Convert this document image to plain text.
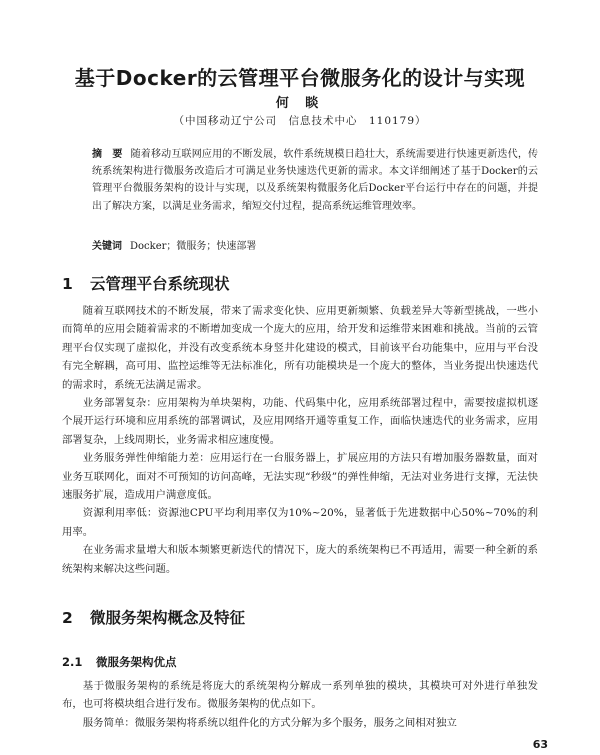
基于Docker的云管理平台微服务化的设计与实现
何 睒
（中国移动辽宁公司　信息技术中心　110179）
摘　要 随着移动互联网应用的不断发展，软件系统规模日趋壮大，系统需要进行快速更新迭代，传统系统架构进行微服务改造后才可满足业务快速迭代更新的需求。本文详细阐述了基于Docker的云管理平台微服务架构的设计与实现，以及系统架构微服务化后Docker平台运行中存在的问题，并提出了解决方案，以满足业务需求，缩短交付过程，提高系统运维管理效率。
关键词 Docker；微服务；快速部署
1 云管理平台系统现状

随着互联网技术的不断发展，带来了需求变化快、应用更新频繁、负载差异大等新型挑战，一些小而简单的应用会随着需求的不断增加变成一个庞大的应用，给开发和运维带来困难和挑战。当前的云管理平台仅实现了虚拟化，并没有改变系统本身竖井化建设的模式，目前该平台功能集中，应用与平台没有完全解耦，高可用、监控运维等无法标准化，所有功能模块是一个庞大的整体，当业务提出快速迭代的需求时，系统无法满足需求。

业务部署复杂：应用架构为单块架构，功能、代码集中化，应用系统部署过程中，需要按虚拟机逐个展开运行环境和应用系统的部署调试，及应用网络开通等重复工作，面临快速迭代的业务需求，应用部署复杂，上线周期长，业务需求相应速度慢。

业务服务弹性伸缩能力差：应用运行在一台服务器上，扩展应用的方法只有增加服务器数量，面对业务互联网化，面对不可预知的访问高峰，无法实现“秒级”的弹性伸缩，无法对业务进行支撑，无法快速服务扩展，造成用户满意度低。

资源利用率低：资源池CPU平均利用率仅为10%~20%，显著低于先进数据中心50%~70%的利用率。

在业务需求量增大和版本频繁更新迭代的情况下，庞大的系统架构已不再适用，需要一种全新的系统架构来解决这些问题。

2 微服务架构概念及特征
2.1 微服务架构优点

基于微服务架构的系统是将庞大的系统架构分解成一系列单独的模块，其模块可对外进行单独发布，也可将模块组合进行发布。微服务架构的优点如下。

服务简单：微服务架构将系统以组件化的方式分解为多个服务，服务之间相对独立

63
